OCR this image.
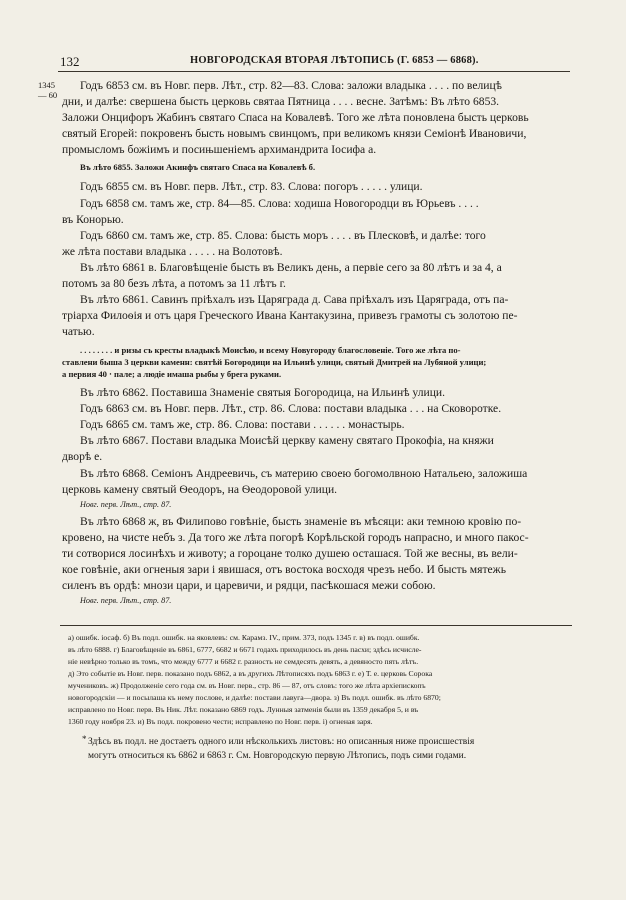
132	НОВГОРОДСКАЯ ВТОРАЯ ЛѢТОПИСЬ (Г. 6853 — 6868).
1345
— 60
Годъ 6853 см. въ Новг. перв. Лѣт., стр. 82—83. Слова: заложи владыка . . . . по велицѣ
дни, и далѣе: свершена бысть церковь святаа Пятница . . . . весне. Затѣмъ: Въ лѣто 6853.
Заложи Онцифоръ Жабинъ святаго Спаса на Ковалевѣ. Того же лѣта поновлена бысть церковь
святый Егорей: покровенъ бысть новымъ свинцомъ, при великомъ князи Семіонѣ Ивановичи,
промысломъ божіимъ и посињшеніемъ архимандрита Іосифа а.
Въ лѣто 6855. Заложи Акинфъ святаго Спаса на Ковалевѣ б.
Годъ 6855 см. въ Новг. перв. Лѣт., стр. 83. Слова: погоръ . . . . . улици.
Годъ 6858 см. тамъ же, стр. 84—85. Слова: ходиша Новогородци въ Юрьевъ . . . .
въ Конорью.
Годъ 6860 см. тамъ же, стр. 85. Слова: бысть моръ . . . . въ Плесковѣ, и далѣе: того
же лѣта постави владыка . . . . . на Волотовѣ.
Въ лѣто 6861 в. Благовѣщеніе бысть въ Великъ день, а первіе сего за 80 лѣтъ и за 4, а
потомъ за 80 безъ лѣта, а потомъ за 11 лѣтъ г.
Въ лѣто 6861. Савинъ пріѣхалъ изъ Царяграда д. Сава пріѣхалъ изъ Царяграда, отъ па-
тріарха Филоѳія и отъ царя Греческого Ивана Кантакузина, привезъ грамоты съ золотою пе-
чатью.
. . . . . . . . и ризы съ кресты владыкѣ Моисѣю, и всему Новугороду благословеніе. Того же лѣта по-
ставлени быша 3 церкви каменн: святѣй Богородици на Ильинѣ улици, святый Дмитрей на Лубяной улици;
а первия 40 ‧ пале; а людіе имаша рыбы у брега руками.
Въ лѣто 6862. Поставиша Знаменіе святыя Богородица, на Ильинѣ улици.
Годъ 6863 см. въ Новг. перв. Лѣт., стр. 86. Слова: постави владыка . . . на Сковоротке.
Годъ 6865 см. тамъ же, стр. 86. Слова: постави . . . . . . монастырь.
Въ лѣто 6867. Постави владыка Моисѣй церкву камену святаго Прокофіа, на княжи
дворѣ е.
Въ лѣто 6868. Семіонъ Андреевичь, съ материю своею богомолвною Натальею, заложиша
церковь камену святый Ѳеодоръ, на Ѳеодоровой улици.
Новг. перв. Лѣт., стр. 87.
Въ лѣто 6868 ж, въ Филипово говѣніе, бысть знаменіе въ мѣсяци: аки темною кровію по-
кровено, на чисте небъ з. Да того же лѣта погорѣ Корѣльской городъ напрасно, и много пакос-
ти сотворися лосинѣхъ и животу; а гороцане толко душею осташася. Той же весны, въ вели-
кое говѣніе, аки огненыя зари і явишася, отъ востока восходя чрезъ небо. И бысть мятежь
силенъ въ ордѣ: мнози цари, и царевичи, и рядци, пасѣкошася межи собою.
Новг. перв. Лѣт., стр. 87.
а) ошибк. іосаф. б) Въ подл. ошибк. на яковлевъ: см. Карамз. IV., прим. 373, подъ 1345 г. в) въ подл. ошибк.
въ лѣто 6888. г) Благовѣщеніе въ 6861, 6777, 6682 и 6671 годахъ приходилось въ день пасхи; здѣсь исчисле-
ніе невѣрно только въ томъ, что между 6777 и 6682 г. разность не семдесять девять, а девяносто пять лѣтъ.
д) Это событіе въ Новг. перв. показано подъ 6862, а въ другихъ Лѣтописяхъ подъ 6863 г. е) Т. е. церковь Сорока
мучениковъ. ж) Продолженіе сего года см. въ Новг. перв., стр. 86 — 87, отъ словъ: того же лѣта архіепископъ
новогородскiи — и посылаша къ нему послове, и далѣе: постави лавуга—двора. з) Въ подл. ошибк. въ лѣто 6870;
исправлено по Новг. перв. Въ Ник. Лѣт. показано 6869 годъ. Лунныя затменія были въ 1359 декабря 5, и въ
1360 году ноября 23. и) Въ подл. покровено чести; исправлено по Новг. перв. і) огненая заря.
* Здѣсь въ подл. не достаетъ одного или нѣсколькихъ листовъ: но описанныя ниже происшествія
могутъ относиться къ 6862 и 6863 г. См. Новгородскую первую Лѣтопись, подъ сими годами.
